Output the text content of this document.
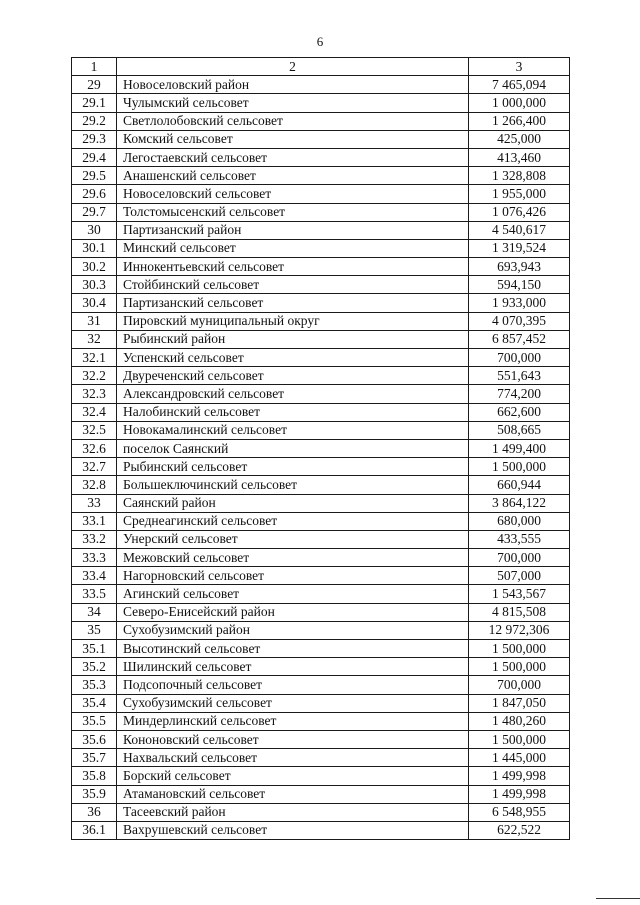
6
1	2	3
29	Новоселовский район	7 465,094
29.1	Чулымский сельсовет	1 000,000
29.2	Светлолобовский сельсовет	1 266,400
29.3	Комский сельсовет	425,000
29.4	Легостаевский сельсовет	413,460
29.5	Анашенский сельсовет	1 328,808
29.6	Новоселовский сельсовет	1 955,000
29.7	Толстомысенский сельсовет	1 076,426
30	Партизанский район	4 540,617
30.1	Минский сельсовет	1 319,524
30.2	Иннокентьевский сельсовет	693,943
30.3	Стойбинский сельсовет	594,150
30.4	Партизанский сельсовет	1 933,000
31	Пировский муниципальный округ	4 070,395
32	Рыбинский район	6 857,452
32.1	Успенский сельсовет	700,000
32.2	Двуреченский сельсовет	551,643
32.3	Александровский сельсовет	774,200
32.4	Налобинский сельсовет	662,600
32.5	Новокамалинский сельсовет	508,665
32.6	поселок Саянский	1 499,400
32.7	Рыбинский сельсовет	1 500,000
32.8	Большеключинский сельсовет	660,944
33	Саянский район	3 864,122
33.1	Среднеагинский сельсовет	680,000
33.2	Унерский сельсовет	433,555
33.3	Межовский сельсовет	700,000
33.4	Нагорновский сельсовет	507,000
33.5	Агинский сельсовет	1 543,567
34	Северо-Енисейский район	4 815,508
35	Сухобузимский район	12 972,306
35.1	Высотинский сельсовет	1 500,000
35.2	Шилинский сельсовет	1 500,000
35.3	Подсопочный сельсовет	700,000
35.4	Сухобузимский сельсовет	1 847,050
35.5	Миндерлинский сельсовет	1 480,260
35.6	Кононовский сельсовет	1 500,000
35.7	Нахвальский сельсовет	1 445,000
35.8	Борский сельсовет	1 499,998
35.9	Атамановский сельсовет	1 499,998
36	Тасеевский район	6 548,955
36.1	Вахрушевский сельсовет	622,522
